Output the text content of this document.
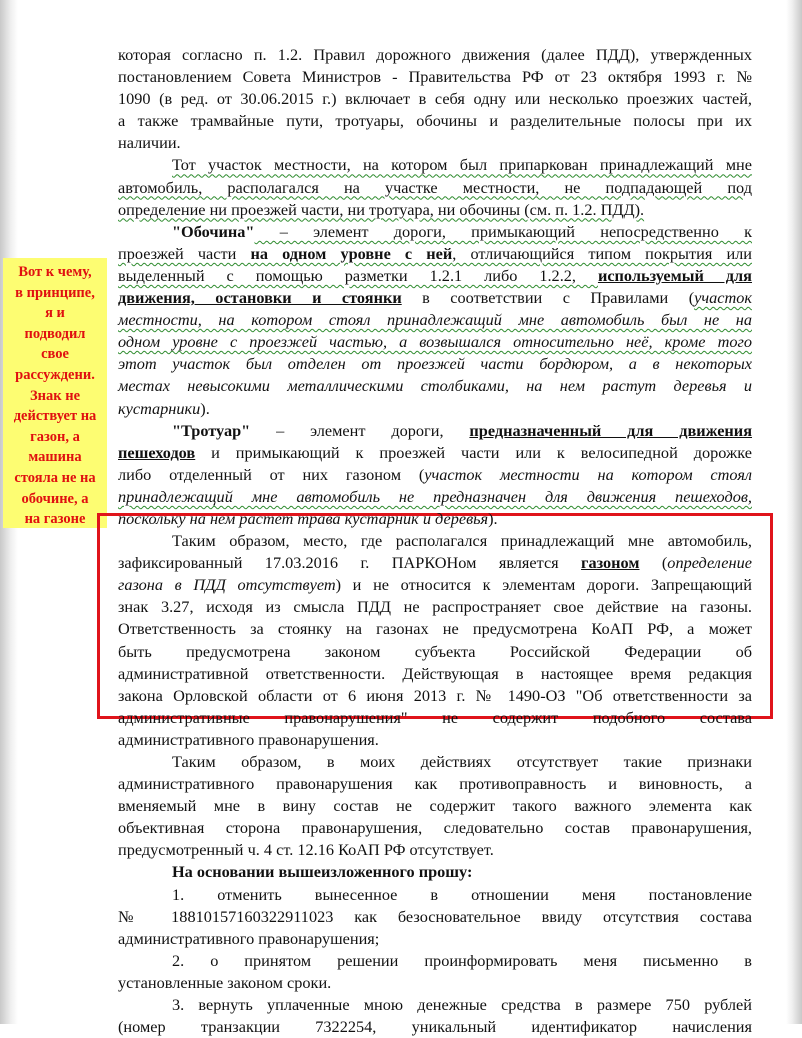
Вот к чему,
в принципе,
я и
подводил
свое
рассуждени.
Знак не
действует на
газон, а
машина
стояла не на
обочине, а
на газоне

которая согласно п. 1.2. Правил дорожного движения (далее ПДД), утвержденных
постановлением Совета Министров - Правительства РФ от 23 октября 1993 г. №
1090 (в ред. от 30.06.2015 г.) включает в себя одну или несколько проезжих частей,
а также трамвайные пути, тротуары, обочины и разделительные полосы при их
наличии.

Тот участок местности, на котором был припаркован принадлежащий мне
автомобиль, располагался на участке местности, не подпадающей под
определение ни проезжей части, ни тротуара, ни обочины (см. п. 1.2. ПДД).

"Обочина" – элемент дороги, примыкающий непосредственно к
проезжей части на одном уровне с ней, отличающийся типом покрытия или
выделенный с помощью разметки 1.2.1 либо 1.2.2, используемый для
движения, остановки и стоянки в соответствии с Правилами (участок
местности, на котором стоял принадлежащий мне автомобиль был не на
одном уровне с проезжей частью, а возвышался относительно неё, кроме того
этот участок был отделен от проезжей части бордюром, а в некоторых
местах невысокими металлическими столбиками, на нем растут деревья и
кустарники).

"Тротуар" – элемент дороги, предназначенный для движения
пешеходов и примыкающий к проезжей части или к велосипедной дорожке
либо отделенный от них газоном (участок местности на котором стоял
принадлежащий мне автомобиль не предназначен для движения пешеходов,
поскольку на нем растет трава кустарник и деревья).

Таким образом, место, где располагался принадлежащий мне автомобиль,
зафиксированный 17.03.2016 г. ПАРКОНом является газоном (определение
газона в ПДД отсутствует) и не относится к элементам дороги. Запрещающий
знак 3.27, исходя из смысла ПДД не распространяет свое действие на газоны.
Ответственность за стоянку на газонах не предусмотрена КоАП РФ, а может
быть предусмотрена законом субъекта Российской Федерации об
административной ответственности. Действующая в настоящее время редакция
закона Орловской области от 6 июня 2013 г. № 1490-ОЗ "Об ответственности за
административные правонарушения" не содержит подобного состава
административного правонарушения.

Таким образом, в моих действиях отсутствует такие признаки
административного правонарушения как противоправность и виновность, а
вменяемый мне в вину состав не содержит такого важного элемента как
объективная сторона правонарушения, следовательно состав правонарушения,
предусмотренный ч. 4 ст. 12.16 КоАП РФ отсутствует.

На основании вышеизложенного прошу:

1. отменить вынесенное в отношении меня постановление
№ 18810157160322911023 как безосновательное ввиду отсутствия состава
административного правонарушения;

2. о принятом решении проинформировать меня письменно в
установленные законом сроки.

3. вернуть уплаченные мною денежные средства в размере 750 рублей
(номер транзакции 7322254, уникальный идентификатор начисления
